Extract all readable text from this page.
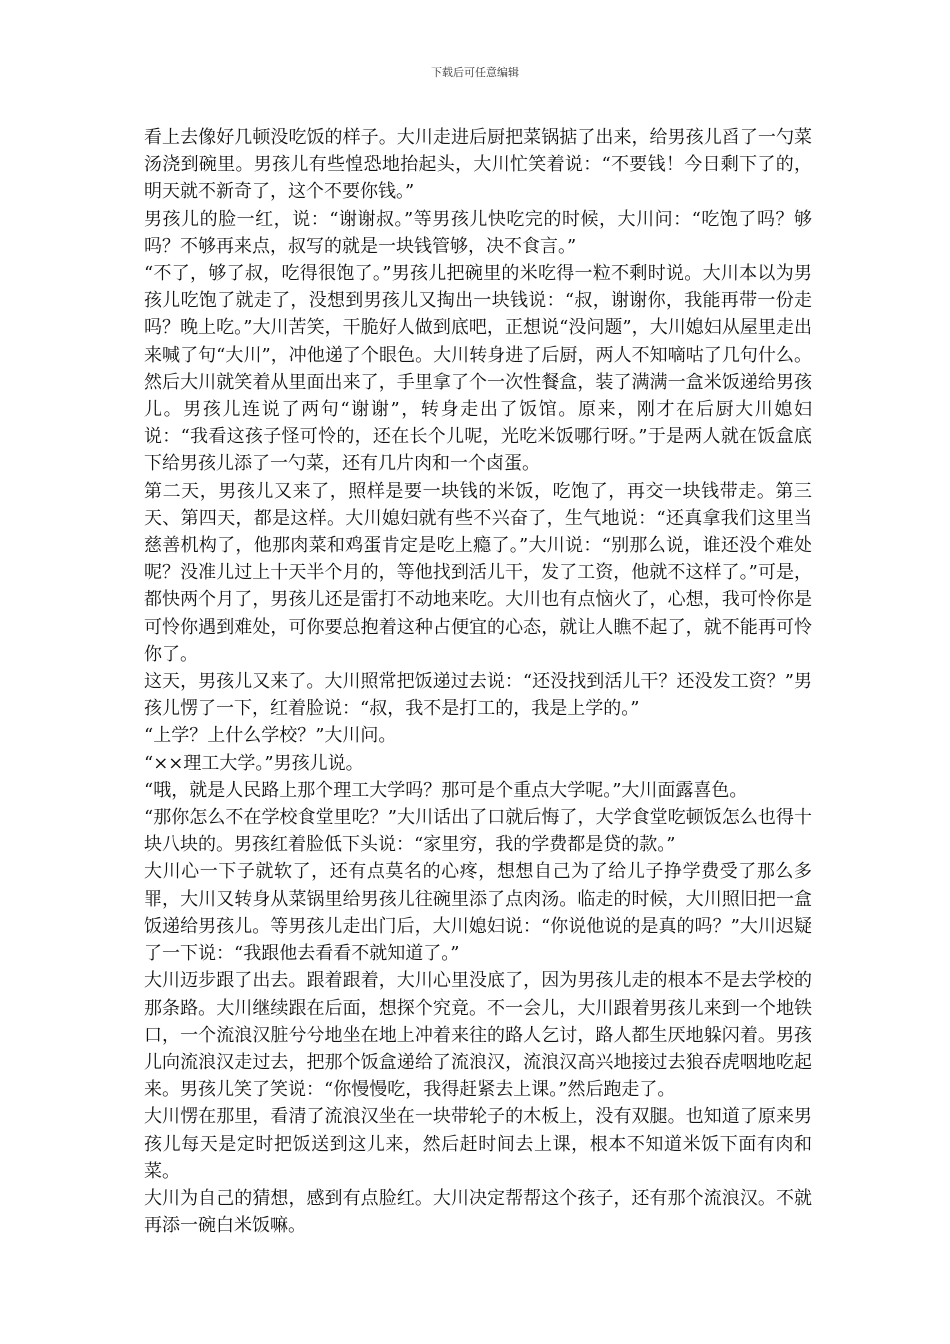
下载后可任意编辑

看上去像好几顿没吃饭的样子。大川走进后厨把菜锅掂了出来，给男孩儿舀了一勺菜汤浇到碗里。男孩儿有些惶恐地抬起头，大川忙笑着说：“不要钱！今日剩下了的，明天就不新奇了，这个不要你钱。”

男孩儿的脸一红，说：“谢谢叔。”等男孩儿快吃完的时候，大川问：“吃饱了吗？够吗？不够再来点，叔写的就是一块钱管够，决不食言。”

“不了，够了叔，吃得很饱了。”男孩儿把碗里的米吃得一粒不剩时说。大川本以为男孩儿吃饱了就走了，没想到男孩儿又掏出一块钱说：“叔，谢谢你，我能再带一份走吗？晚上吃。”大川苦笑，干脆好人做到底吧，正想说“没问题”，大川媳妇从屋里走出来喊了句“大川”，冲他递了个眼色。大川转身进了后厨，两人不知嘀咕了几句什么。然后大川就笑着从里面出来了，手里拿了个一次性餐盒，装了满满一盒米饭递给男孩儿。男孩儿连说了两句“谢谢”，转身走出了饭馆。原来，刚才在后厨大川媳妇说：“我看这孩子怪可怜的，还在长个儿呢，光吃米饭哪行呀。”于是两人就在饭盒底下给男孩儿添了一勺菜，还有几片肉和一个卤蛋。

第二天，男孩儿又来了，照样是要一块钱的米饭，吃饱了，再交一块钱带走。第三天、第四天，都是这样。大川媳妇就有些不兴奋了，生气地说：“还真拿我们这里当慈善机构了，他那肉菜和鸡蛋肯定是吃上瘾了。”大川说：“别那么说，谁还没个难处呢？没准儿过上十天半个月的，等他找到活儿干，发了工资，他就不这样了。”可是，都快两个月了，男孩儿还是雷打不动地来吃。大川也有点恼火了，心想，我可怜你是可怜你遇到难处，可你要总抱着这种占便宜的心态，就让人瞧不起了，就不能再可怜你了。

这天，男孩儿又来了。大川照常把饭递过去说：“还没找到活儿干？还没发工资？”男孩儿愣了一下，红着脸说：“叔，我不是打工的，我是上学的。”

“上学？上什么学校？”大川问。

“××理工大学。”男孩儿说。

“哦，就是人民路上那个理工大学吗？那可是个重点大学呢。”大川面露喜色。

“那你怎么不在学校食堂里吃？”大川话出了口就后悔了，大学食堂吃顿饭怎么也得十块八块的。男孩红着脸低下头说：“家里穷，我的学费都是贷的款。”

大川心一下子就软了，还有点莫名的心疼，想想自己为了给儿子挣学费受了那么多罪，大川又转身从菜锅里给男孩儿往碗里添了点肉汤。临走的时候，大川照旧把一盒饭递给男孩儿。等男孩儿走出门后，大川媳妇说：“你说他说的是真的吗？”大川迟疑了一下说：“我跟他去看看不就知道了。”

大川迈步跟了出去。跟着跟着，大川心里没底了，因为男孩儿走的根本不是去学校的那条路。大川继续跟在后面，想探个究竟。不一会儿，大川跟着男孩儿来到一个地铁口，一个流浪汉脏兮兮地坐在地上冲着来往的路人乞讨，路人都生厌地躲闪着。男孩儿向流浪汉走过去，把那个饭盒递给了流浪汉，流浪汉高兴地接过去狼吞虎咽地吃起来。男孩儿笑了笑说：“你慢慢吃，我得赶紧去上课。”然后跑走了。

大川愣在那里，看清了流浪汉坐在一块带轮子的木板上，没有双腿。也知道了原来男孩儿每天是定时把饭送到这儿来，然后赶时间去上课，根本不知道米饭下面有肉和菜。

大川为自己的猜想，感到有点脸红。大川决定帮帮这个孩子，还有那个流浪汉。不就再添一碗白米饭嘛。
